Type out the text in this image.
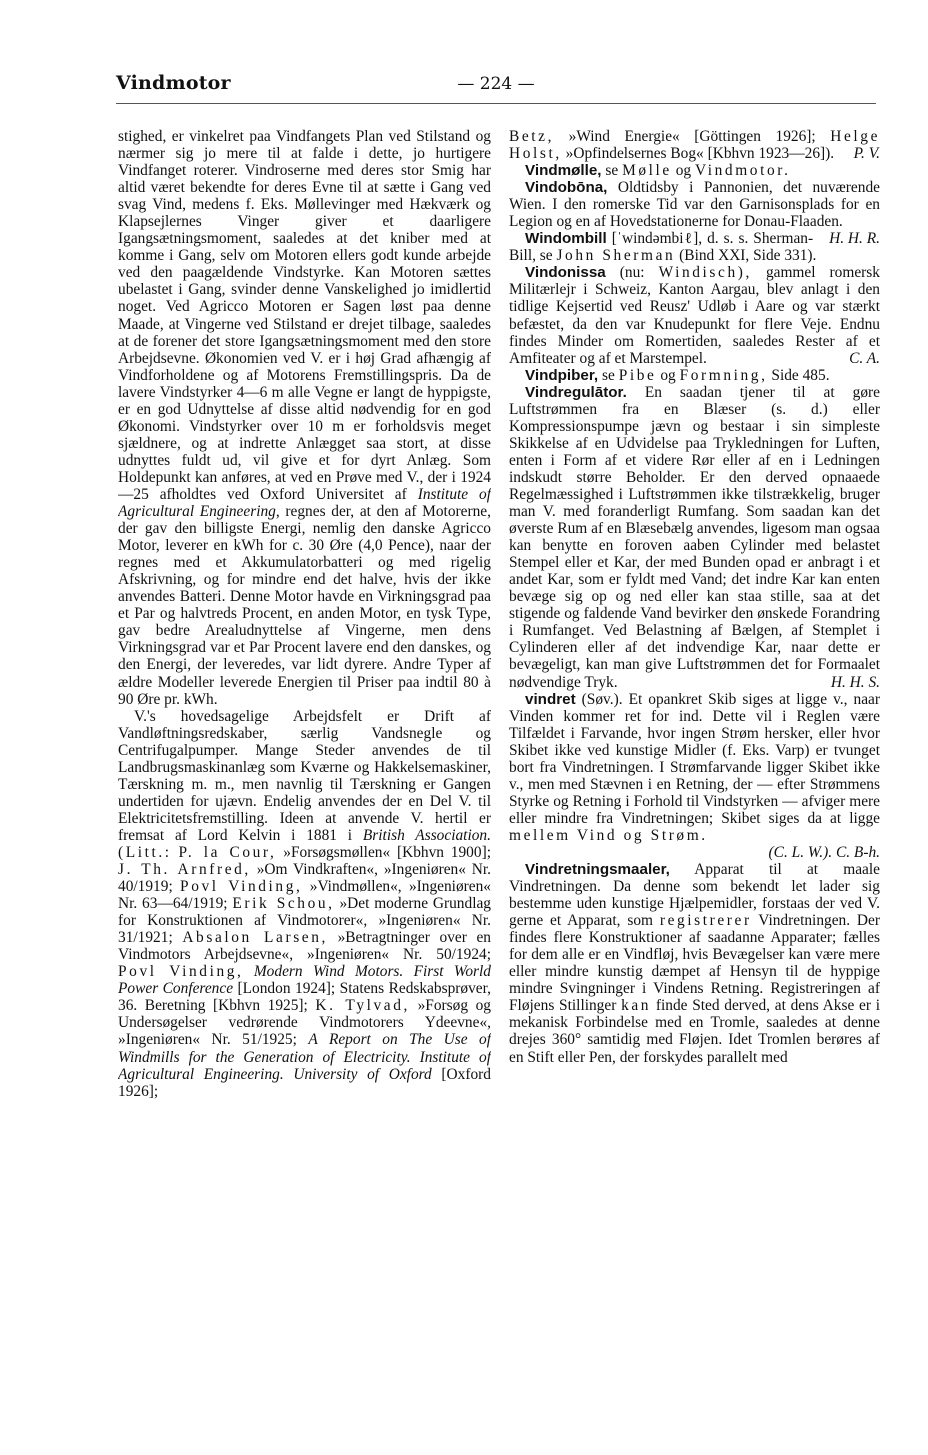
Vindmotor	— 224 —

stighed, er vinkelret paa Vindfangets Plan ved Stilstand og nærmer sig jo mere til at falde i dette, jo hurtigere Vindfanget roterer. Vindroserne med deres stor Smig har altid været bekendte for deres Evne til at sætte i Gang ved svag Vind, medens f. Eks. Møllevinger med Hækværk og Klapsejlernes Vinger giver et daarligere Igangsætningsmoment, saaledes at det kniber med at komme i Gang, selv om Motoren ellers godt kunde arbejde ved den paagældende Vindstyrke. Kan Motoren sættes ubelastet i Gang, svinder denne Vanskelighed jo imidlertid noget. Ved Agricco Motoren er Sagen løst paa denne Maade, at Vingerne ved Stilstand er drejet tilbage, saaledes at de forener det store Igangsætningsmoment med den store Arbejdsevne. Økonomien ved V. er i høj Grad afhængig af Vindforholdene og af Motorens Fremstillingspris. Da de lavere Vindstyrker 4—6 m alle Vegne er langt de hyppigste, er en god Udnyttelse af disse altid nødvendig for en god Økonomi. Vindstyrker over 10 m er forholdsvis meget sjældnere, og at indrette Anlægget saa stort, at disse udnyttes fuldt ud, vil give et for dyrt Anlæg. Som Holdepunkt kan anføres, at ved en Prøve med V., der i 1924—25 afholdtes ved Oxford Universitet af Institute of Agricultural Engineering, regnes der, at den af Motorerne, der gav den billigste Energi, nemlig den danske Agricco Motor, leverer en kWh for c. 30 Øre (4,0 Pence), naar der regnes med et Akkumulatorbatteri og med rigelig Afskrivning, og for mindre end det halve, hvis der ikke anvendes Batteri. Denne Motor havde en Virkningsgrad paa et Par og halvtreds Procent, en anden Motor, en tysk Type, gav bedre Arealudnyttelse af Vingerne, men dens Virkningsgrad var et Par Procent lavere end den danskes, og den Energi, der leveredes, var lidt dyrere. Andre Typer af ældre Modeller leverede Energien til Priser paa indtil 80 à 90 Øre pr. kWh.

V.'s hovedsagelige Arbejdsfelt er Drift af Vandløftningsredskaber, særlig Vandsnegle og Centrifugalpumper. Mange Steder anvendes de til Landbrugsmaskinanlæg som Kværne og Hakkelsemaskiner, Tærskning m. m., men navnlig til Tærskning er Gangen undertiden for ujævn. Endelig anvendes der en Del V. til Elektricitetsfremstilling. Ideen at anvende V. hertil er fremsat af Lord Kelvin i 1881 i British Association. (Litt.: P. la Cour, »Forsøgsmøllen« [Kbhvn 1900]; J. Th. Arnfred, »Om Vindkraften«, »Ingeniøren« Nr. 40/1919; Povl Vinding, »Vindmøllen«, »Ingeniøren« Nr. 63—64/1919; Erik Schou, »Det moderne Grundlag for Konstruktionen af Vindmotorer«, »Ingeniøren« Nr. 31/1921; Absalon Larsen, »Betragtninger over en Vindmotors Arbejdsevne«, »Ingeniøren« Nr. 50/1924; Povl Vinding, Modern Wind Motors. First World Power Conference [London 1924]; Statens Redskabsprøver, 36. Beretning [Kbhvn 1925]; K. Tylvad, »Forsøg og Undersøgelser vedrørende Vindmotorers Ydeevne«, »Ingeniøren« Nr. 51/1925; A Report on The Use of Windmills for the Generation of Electricity. Institute of Agricultural Engineering. University of Oxford [Oxford 1926];

Betz, »Wind Energie« [Göttingen 1926]; Helge Holst, »Opfindelsernes Bog« [Kbhvn 1923—26]). P. V.

Vindmølle, se Mølle og Vindmotor.

Vindobōna, Oldtidsby i Pannonien, det nuværende Wien. I den romerske Tid var den Garnisonsplads for en Legion og en af Hovedstationerne for Donau-Flaaden.
H. H. R.

Windombill [ˈwindəmbiℓ], d. s. s. Sherman-Bill, se John Sherman (Bind XXI, Side 331).

Vindonissa (nu: Windisch), gammel romersk Militærlejr i Schweiz, Kanton Aargau, blev anlagt i den tidlige Kejsertid ved Reusz' Udløb i Aare og var stærkt befæstet, da den var Knudepunkt for flere Veje. Endnu findes Minder om Romertiden, saaledes Rester af et Amfiteater og af et Marstempel.	C. A.

Vindpiber, se Pibe og Formning, Side 485.

Vindregulātor. En saadan tjener til at gøre Luftstrømmen fra en Blæser (s. d.) eller Kompressionspumpe jævn og bestaar i sin simpleste Skikkelse af en Udvidelse paa Trykledningen for Luften, enten i Form af et videre Rør eller af en i Ledningen indskudt større Beholder. Er den derved opnaaede Regelmæssighed i Luftstrømmen ikke tilstrækkelig, bruger man V. med foranderligt Rumfang. Som saadan kan det øverste Rum af en Blæsebælg anvendes, ligesom man ogsaa kan benytte en foroven aaben Cylinder med belastet Stempel eller et Kar, der med Bunden opad er anbragt i et andet Kar, som er fyldt med Vand; det indre Kar kan enten bevæge sig op og ned eller kan staa stille, saa at det stigende og faldende Vand bevirker den ønskede Forandring i Rumfanget. Ved Belastning af Bælgen, af Stemplet i Cylinderen eller af det indvendige Kar, naar dette er bevægeligt, kan man give Luftstrømmen det for Formaalet nødvendige Tryk.	H. H. S.

vindret (Søv.). Et opankret Skib siges at ligge v., naar Vinden kommer ret for ind. Dette vil i Reglen være Tilfældet i Farvande, hvor ingen Strøm hersker, eller hvor Skibet ikke ved kunstige Midler (f. Eks. Varp) er tvunget bort fra Vindretningen. I Strømfarvande ligger Skibet ikke v., men med Stævnen i en Retning, der — efter Strømmens Styrke og Retning i Forhold til Vindstyrken — afviger mere eller mindre fra Vindretningen; Skibet siges da at ligge mellem Vind og Strøm.

(C. L. W.). C. B-h.

Vindretningsmaaler, Apparat til at maale Vindretningen. Da denne som bekendt let lader sig bestemme uden kunstige Hjælpemidler, forstaas der ved V. gerne et Apparat, som registrerer Vindretningen. Der findes flere Konstruktioner af saadanne Apparater; fælles for dem alle er en Vindfløj, hvis Bevægelser kan være mere eller mindre kunstig dæmpet af Hensyn til de hyppige mindre Svingninger i Vindens Retning. Registreringen af Fløjens Stillinger kan finde Sted derved, at dens Akse er i mekanisk Forbindelse med en Tromle, saaledes at denne drejes 360° samtidig med Fløjen. Idet Tromlen berøres af en Stift eller Pen, der forskydes parallelt med
